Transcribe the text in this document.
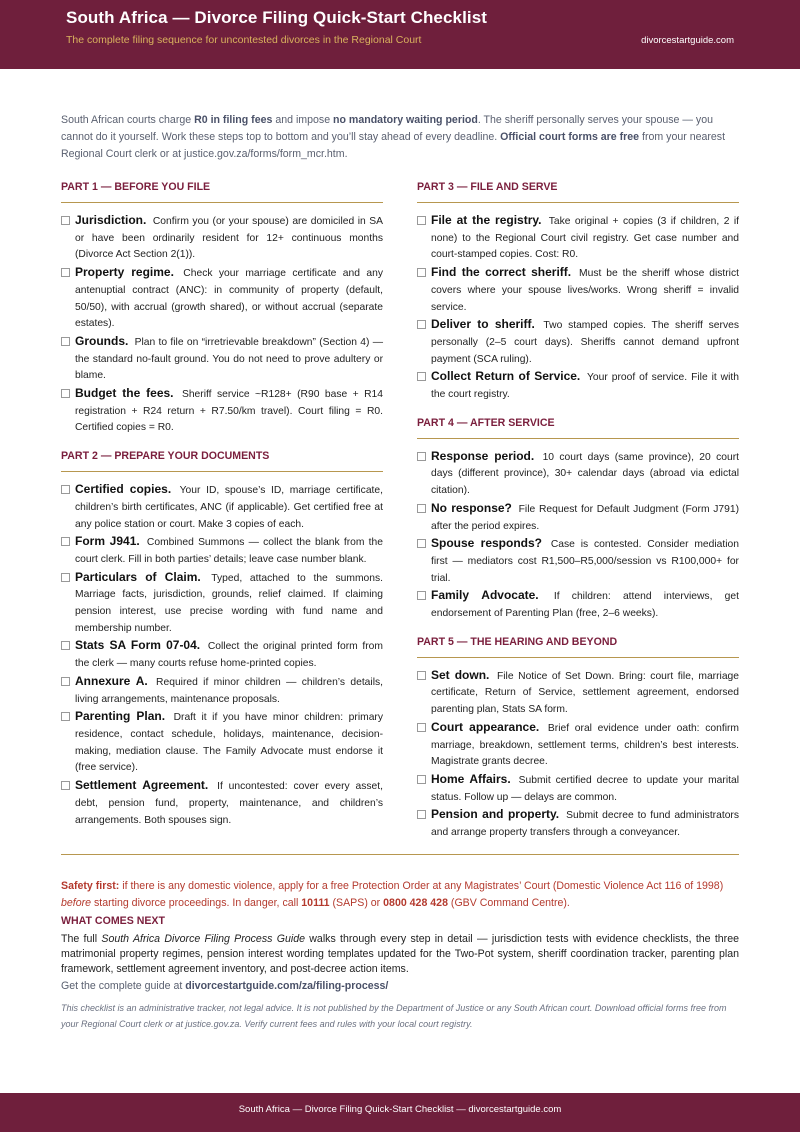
South Africa — Divorce Filing Quick-Start Checklist
The complete filing sequence for uncontested divorces in the Regional Court	divorcestartguide.com

South African courts charge R0 in filing fees and impose no mandatory waiting period. The sheriff personally serves your spouse — you cannot do it yourself. Work these steps top to bottom and you’ll stay ahead of every deadline. Official court forms are free from your nearest Regional Court clerk or at justice.gov.za/forms/form_mcr.htm.

PART 1 — BEFORE YOU FILE
Jurisdiction. Confirm you (or your spouse) are domiciled in SA or have been ordinarily resident for 12+ continuous months (Divorce Act Section 2(1)).
Property regime. Check your marriage certificate and any antenuptial contract (ANC): in community of property (default, 50/50), with accrual (growth shared), or without accrual (separate estates).
Grounds. Plan to file on “irretrievable breakdown” (Section 4) — the standard no-fault ground. You do not need to prove adultery or blame.
Budget the fees. Sheriff service ~R128+ (R90 base + R14 registration + R24 return + R7.50/km travel). Court filing = R0. Certified copies = R0.
PART 2 — PREPARE YOUR DOCUMENTS
Certified copies. Your ID, spouse’s ID, marriage certificate, children’s birth certificates, ANC (if applicable). Get certified free at any police station or court. Make 3 copies of each.
Form J941. Combined Summons — collect the blank from the court clerk. Fill in both parties’ details; leave case number blank.
Particulars of Claim. Typed, attached to the summons. Marriage facts, jurisdiction, grounds, relief claimed. If claiming pension interest, use precise wording with fund name and membership number.
Stats SA Form 07-04. Collect the original printed form from the clerk — many courts refuse home-printed copies.
Annexure A. Required if minor children — children’s details, living arrangements, maintenance proposals.
Parenting Plan. Draft it if you have minor children: primary residence, contact schedule, holidays, maintenance, decision-making, mediation clause. The Family Advocate must endorse it (free service).
Settlement Agreement. If uncontested: cover every asset, debt, pension fund, property, maintenance, and children’s arrangements. Both spouses sign.
PART 3 — FILE AND SERVE
File at the registry. Take original + copies (3 if children, 2 if none) to the Regional Court civil registry. Get case number and court-stamped copies. Cost: R0.
Find the correct sheriff. Must be the sheriff whose district covers where your spouse lives/works. Wrong sheriff = invalid service.
Deliver to sheriff. Two stamped copies. The sheriff serves personally (2–5 court days). Sheriffs cannot demand upfront payment (SCA ruling).
Collect Return of Service. Your proof of service. File it with the court registry.
PART 4 — AFTER SERVICE
Response period. 10 court days (same province), 20 court days (different province), 30+ calendar days (abroad via edictal citation).
No response? File Request for Default Judgment (Form J791) after the period expires.
Spouse responds? Case is contested. Consider mediation first — mediators cost R1,500–R5,000/session vs R100,000+ for trial.
Family Advocate. If children: attend interviews, get endorsement of Parenting Plan (free, 2–6 weeks).
PART 5 — THE HEARING AND BEYOND
Set down. File Notice of Set Down. Bring: court file, marriage certificate, Return of Service, settlement agreement, endorsed parenting plan, Stats SA form.
Court appearance. Brief oral evidence under oath: confirm marriage, breakdown, settlement terms, children’s best interests. Magistrate grants decree.
Home Affairs. Submit certified decree to update your marital status. Follow up — delays are common.
Pension and property. Submit decree to fund administrators and arrange property transfers through a conveyancer.

Safety first: if there is any domestic violence, apply for a free Protection Order at any Magistrates’ Court (Domestic Violence Act 116 of 1998) before starting divorce proceedings. In danger, call 10111 (SAPS) or 0800 428 428 (GBV Command Centre).

WHAT COMES NEXT

The full South Africa Divorce Filing Process Guide walks through every step in detail — jurisdiction tests with evidence checklists, the three matrimonial property regimes, pension interest wording templates updated for the Two-Pot system, sheriff coordination tracker, parenting plan framework, settlement agreement inventory, and post-decree action items.

Get the complete guide at divorcestartguide.com/za/filing-process/

This checklist is an administrative tracker, not legal advice. It is not published by the Department of Justice or any South African court. Download official forms free from your Regional Court clerk or at justice.gov.za. Verify current fees and rules with your local court registry.

South Africa — Divorce Filing Quick-Start Checklist — divorcestartguide.com
